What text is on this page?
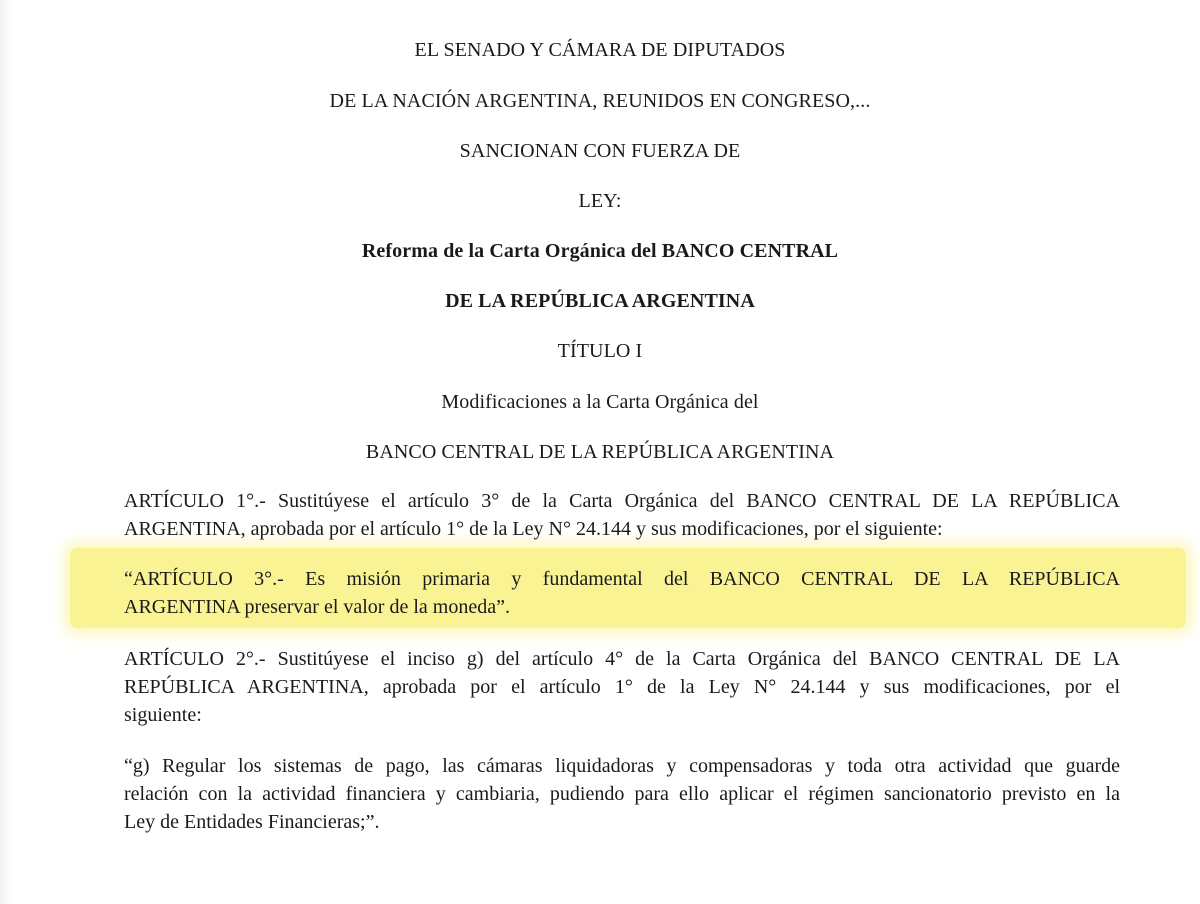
EL SENADO Y CÁMARA DE DIPUTADOS
DE LA NACIÓN ARGENTINA, REUNIDOS EN CONGRESO,...
SANCIONAN CON FUERZA DE
LEY:
Reforma de la Carta Orgánica del BANCO CENTRAL
DE LA REPÚBLICA ARGENTINA
TÍTULO I
Modificaciones a la Carta Orgánica del
BANCO CENTRAL DE LA REPÚBLICA ARGENTINA
ARTÍCULO 1°.- Sustitúyese el artículo 3° de la Carta Orgánica del BANCO CENTRAL DE LA REPÚBLICA
ARGENTINA, aprobada por el artículo 1° de la Ley N° 24.144 y sus modificaciones, por el siguiente:
“ARTÍCULO 3°.- Es misión primaria y fundamental del BANCO CENTRAL DE LA REPÚBLICA
ARGENTINA preservar el valor de la moneda”.
ARTÍCULO 2°.- Sustitúyese el inciso g) del artículo 4° de la Carta Orgánica del BANCO CENTRAL DE LA
REPÚBLICA ARGENTINA, aprobada por el artículo 1° de la Ley N° 24.144 y sus modificaciones, por el
siguiente:
“g) Regular los sistemas de pago, las cámaras liquidadoras y compensadoras y toda otra actividad que guarde
relación con la actividad financiera y cambiaria, pudiendo para ello aplicar el régimen sancionatorio previsto en la
Ley de Entidades Financieras;”.
